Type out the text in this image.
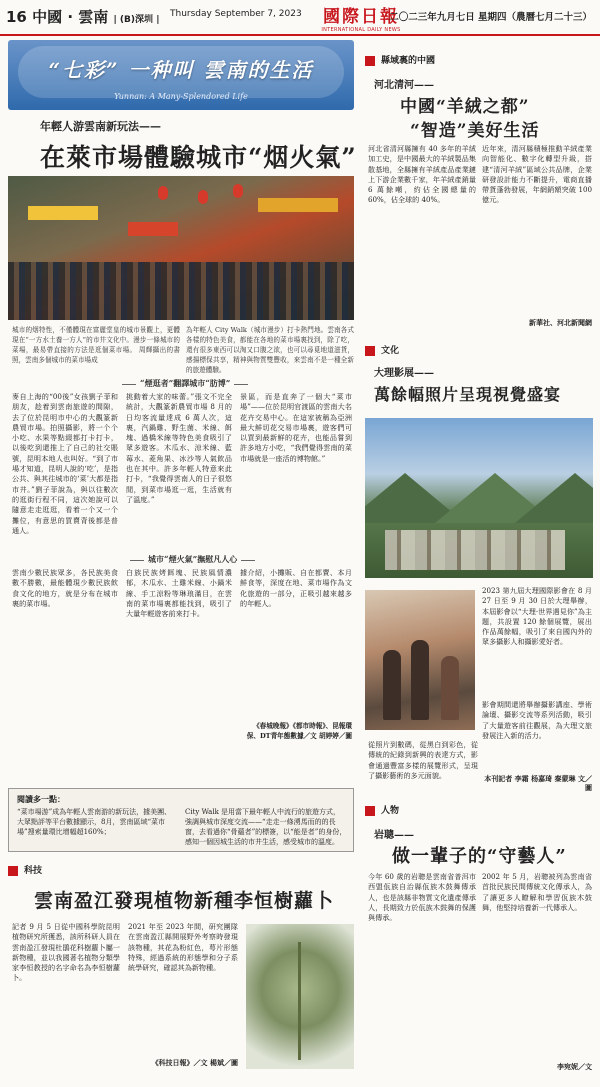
16 中國 · 雲南 | (B)深圳 |
Thursday September 7, 2023	國際日報
INTERNATIONAL DAILY NEWS
二〇二三年九月七日 星期四（農曆七月二十三）
“七彩” 一种叫 雲南的生活
Yunnan: A Many-Splendored Life
年輕人游雲南新玩法——
在萊市場體驗城市“烟火氣”
城市的烟特性，不僅體現在富麗堂皇的城市景觀上，更體現在“一方水土養一方人”的市井文化中。漫步一條城市的菜場，最易帶直接的方法是逛個菜市場。 周輝攝出的書照，雲南多個城市的菜市場成
為年輕人 City Walk（城市漫步）打卡熱門地。雲南各式各樣的特色美食，都能在各地的菜市場裏找到，除了吃，還有很多東西可以淘又口腹之欲，也可以尋覓地道滋貨，感揚標保共享，精神與物質雙豐收，來雲南不是一種全新的旅遊體驗。
“煙逛者”翻譯城市“肪博”
麥自上海的“00後”女孩劉子菲和朋友，趁着到雲南旅遊的間隙，去了位於昆明市中心的大觀篆新農貿市場。拍照攝影，將一个个小吃、水果等點綴都打卡打卡，以後吃到還推上了自己的社交賬號，昆明本地人也叫好。“到了市場才知道，昆明人說的‘吃’，是指公共、與其往城市的‘菜’大都是指市井。”劉子菲說為，與以往數次的逛街行程不同，這次她說可以隨意走走逛逛，看着一个又一个攤位，有意思的買賣背後都是普通人。
挑動着大家的味蕾。”張文不完全統計，大觀篆新農貿市場 8 月的日均客流量達成 6 萬人次，這裏，汽鍋雞、野生菌、米線、餌塊、過橋米線等特色美食吸引了眾多遊客。木瓜水、涼米線、藍莓水、菱角果、冰沙等人氣飲品也在其中。許多年輕人特意來此打卡，“我覺得雲南人的日子很悠閒，到菜市場逛一逛，生活就有了溫度。”
景區，而是直奔了一個大“菜市場”——位於昆明官渡區的雲南大名花卉交易中心。在這家被稱為亞洲最大鮮切花交易市場裏，遊客們可以買到最新鮮的花卉，也能品嘗到許多地方小吃，“我們覺得雲南的菜市場就是一座活的博物館。”
城市“煙火氣”撫慰凡人心
雲南少數民族眾多，各民族美食數不勝數，最能體現少數民族飲食文化的地方，就是分布在城市裏的菜市場。
白族民族烤餌塊、民族風情濃郁，木瓜水、土雞米線、小鍋米線、手工涼粉等琳琅滿目，在雲南的菜市場裏都能找到，吸引了大量年輕遊客前來打卡。
據介紹，小攤販、自在都賣、本月鮮食等，深度在地、菜市場作為文化旅遊的一部分，正吸引越來越多的年輕人。
《春城晚報》《都市時報》、昆報環保、DT青年態數據／文 胡婷婷／圖
閱讀多一點：
“菜市場游”成為年輕人雲南游的新玩法，據美團、大眾點評等平台數據顯示，8月，雲南區域“菜市場”搜索量環比增幅超160%；
City Walk 是用當下最年輕人中流行的旅遊方式，強調與城市深度交流——“走走一條湧馬而的的長窗，去看過你“骨蘊者”的標簽，以“能是者”的身份，感知一個因城生活的市井生活，感受城市的溫度。
科技
雲南盈江發現植物新種李恒樹蘿卜
記者 9 月 5 日從中國科學院昆明植物研究所獲悉，該所科研人員在雲南盈江發現杜鵑花科樹蘿卜屬一新物種，並以我國著名植物分類學家李恒教授的名字命名為李恒樹蘿卜。
2021 年至 2023 年間，研究團隊在雲南盈江縣開展野外考察時發現該物種，其花為粉紅色，萼片形態特殊，經過系統的形態學和分子系統學研究，確認其為新物種。
《科技日報》／文 楊斌／圖
縣域裏的中國
河北清河——
中國“羊絨之都”
“智造”美好生活
河北省清河縣擁有 40 多年的羊絨加工史，是中國最大的羊絨製品集散基地，全縣擁有羊絨產品產業鏈上下游企業數千家，年羊絨產銷量 6 萬餘噸，約佔全國總量的 60%，佔全球的 40%。
近年來，清河縣積極推動羊絨產業向智能化、數字化轉型升級，搭建“清河羊絨”區域公共品牌，企業研發設計能力不斷提升，電商直播帶貨蓬勃發展，年網銷額突破 100 億元。
新華社、河北新聞網
文化
大理影展——
萬餘幅照片呈現視覺盛宴
2023 第九屆大理國際影會在 8 月 27 日至 9 月 30 日於大理舉辦，本屆影會以“大理·世界遇見你”為主題，共設置 120 餘個展覽，展出作品萬餘幅，吸引了來自國內外的眾多攝影人和攝影愛好者。
從照片到數碼，從黑白到彩色，從傳統的紀錄到新興的表達方式，影會通過豐富多樣的展覽形式，呈現了攝影藝術的多元面貌。
影會期間還將舉辦攝影講座、學術論壇、攝影交流等系列活動，吸引了大量遊客前往觀展，為大理文旅發展注入新的活力。
本刊記者 李霜 杨嘉琦 秦蒙琳 文／圖
人物
岩聰——
做一輩子的“守藝人”
今年 60 歲的岩聰是雲南省普洱市西盟佤族自治縣佤族木鼓舞傳承人，也是該縣非物質文化遺產傳承人，長期致力於佤族木鼓舞的保護與傳承。
2002 年 5 月，岩聰被列為雲南省首批民族民間傳統文化傳承人，為了讓更多人瞭解和學習佤族木鼓舞，他堅持培養新一代傳承人。
李宛妮／文
